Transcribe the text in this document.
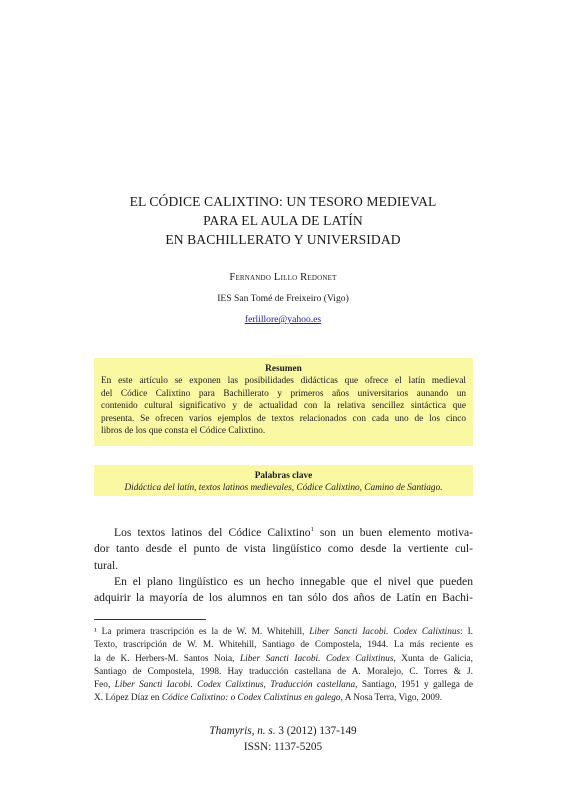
EL CÓDICE CALIXTINO: UN TESORO MEDIEVAL
PARA EL AULA DE LATÍN
EN BACHILLERATO Y UNIVERSIDAD
Fernando Lillo Redonet
IES San Tomé de Freixeiro (Vigo)
ferlillore@yahoo.es
Resumen
En este artículo se exponen las posibilidades didácticas que ofrece el latín medieval
del Códice Calixtino para Bachillerato y primeros años universitarios aunando un
contenido cultural significativo y de actualidad con la relativa sencillez sintáctica que
presenta. Se ofrecen varios ejemplos de textos relacionados con cada uno de los cinco
libros de los que consta el Códice Calixtino.
Palabras clave
Didáctica del latín, textos latinos medievales, Códice Calixtino, Camino de Santiago.
Los textos latinos del Códice Calixtino$^1$ son un buen elemento motiva-
dor tanto desde el punto de vista lingüístico como desde la vertiente cul-
tural.
En el plano lingüístico es un hecho innegable que el nivel que pueden
adquirir la mayoría de los alumnos en tan sólo dos años de Latín en Bachi-
¹ La primera trascripción es la de W. M. Whitehill, Liber Sancti Iacobi. Codex Calixtinus: I.
Texto, trascripción de W. M. Whitehill, Santiago de Compostela, 1944. La más reciente es
la de K. Herbers-M. Santos Noia, Liber Sancti Iacobi. Codex Calixtinus, Xunta de Galicia,
Santiago de Compostela, 1998. Hay traducción castellana de A. Moralejo, C. Torres & J.
Feo, Liber Sancti Iacobi. Codex Calixtinus, Traducción castellana, Santiago, 1951 y gallega de
X. López Díaz en Códice Calixtino: o Codex Calixtinus en galego, A Nosa Terra, Vigo, 2009.
Thamyris, n. s. 3 (2012) 137-149
ISSN: 1137-5205
